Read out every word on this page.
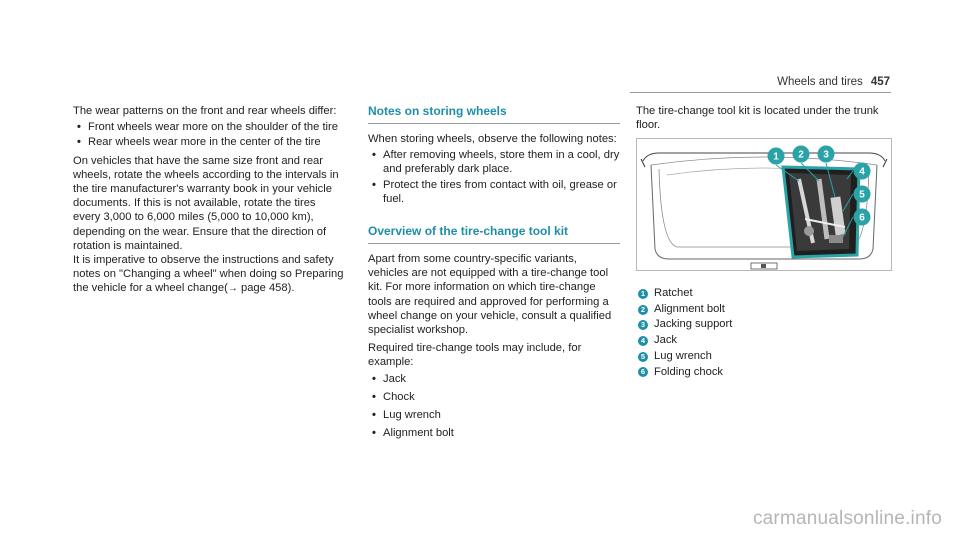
Wheels and tires 457

The wear patterns on the front and rear wheels differ:

• Front wheels wear more on the shoulder of the tire
• Rear wheels wear more in the center of the tire

On vehicles that have the same size front and rear wheels, rotate the wheels according to the intervals in the tire manufacturer's warranty book in your vehicle documents. If this is not available, rotate the tires every 3,000 to 6,000 miles (5,000 to 10,000 km), depending on the wear. Ensure that the direction of rotation is maintained.

It is imperative to observe the instructions and safety notes on "Changing a wheel" when doing so Preparing the vehicle for a wheel change(→ page 458).

Notes on storing wheels

When storing wheels, observe the following notes:

• After removing wheels, store them in a cool, dry and preferably dark place.
• Protect the tires from contact with oil, grease or fuel.
Overview of the tire-change tool kit

Apart from some country-specific variants, vehicles are not equipped with a tire-change tool kit. For more information on which tire-change tools are required and approved for performing a wheel change on your vehicle, consult a qualified specialist workshop.

Required tire-change tools may include, for example:

• Jack
• Chock
• Lug wrench
• Alignment bolt

The tire-change tool kit is located under the trunk floor.

1 2 3
4
5
6
1 Ratchet
2 Alignment bolt
3 Jacking support
4 Jack
5 Lug wrench
6 Folding chock
carmanualsonline.info
